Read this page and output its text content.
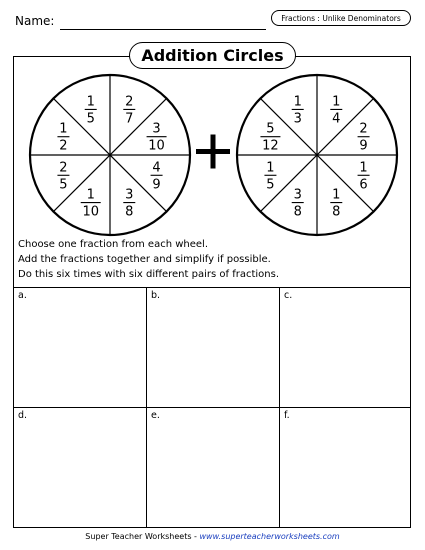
Name:	Fractions : Unlike Denominators
Addition Circles
1
2
1
5
2
7
3
10
4
9
3
8
1
10
2
5
5
12
1
3
1
4
2
9
1
6
1
8
3
8
1
5
Choose one fraction from each wheel.
Add the fractions together and simplify if possible.
Do this six times with six different pairs of fractions.
a.	b.	c.
d.	e.	f.
Super Teacher Worksheets - www.superteacherworksheets.com
